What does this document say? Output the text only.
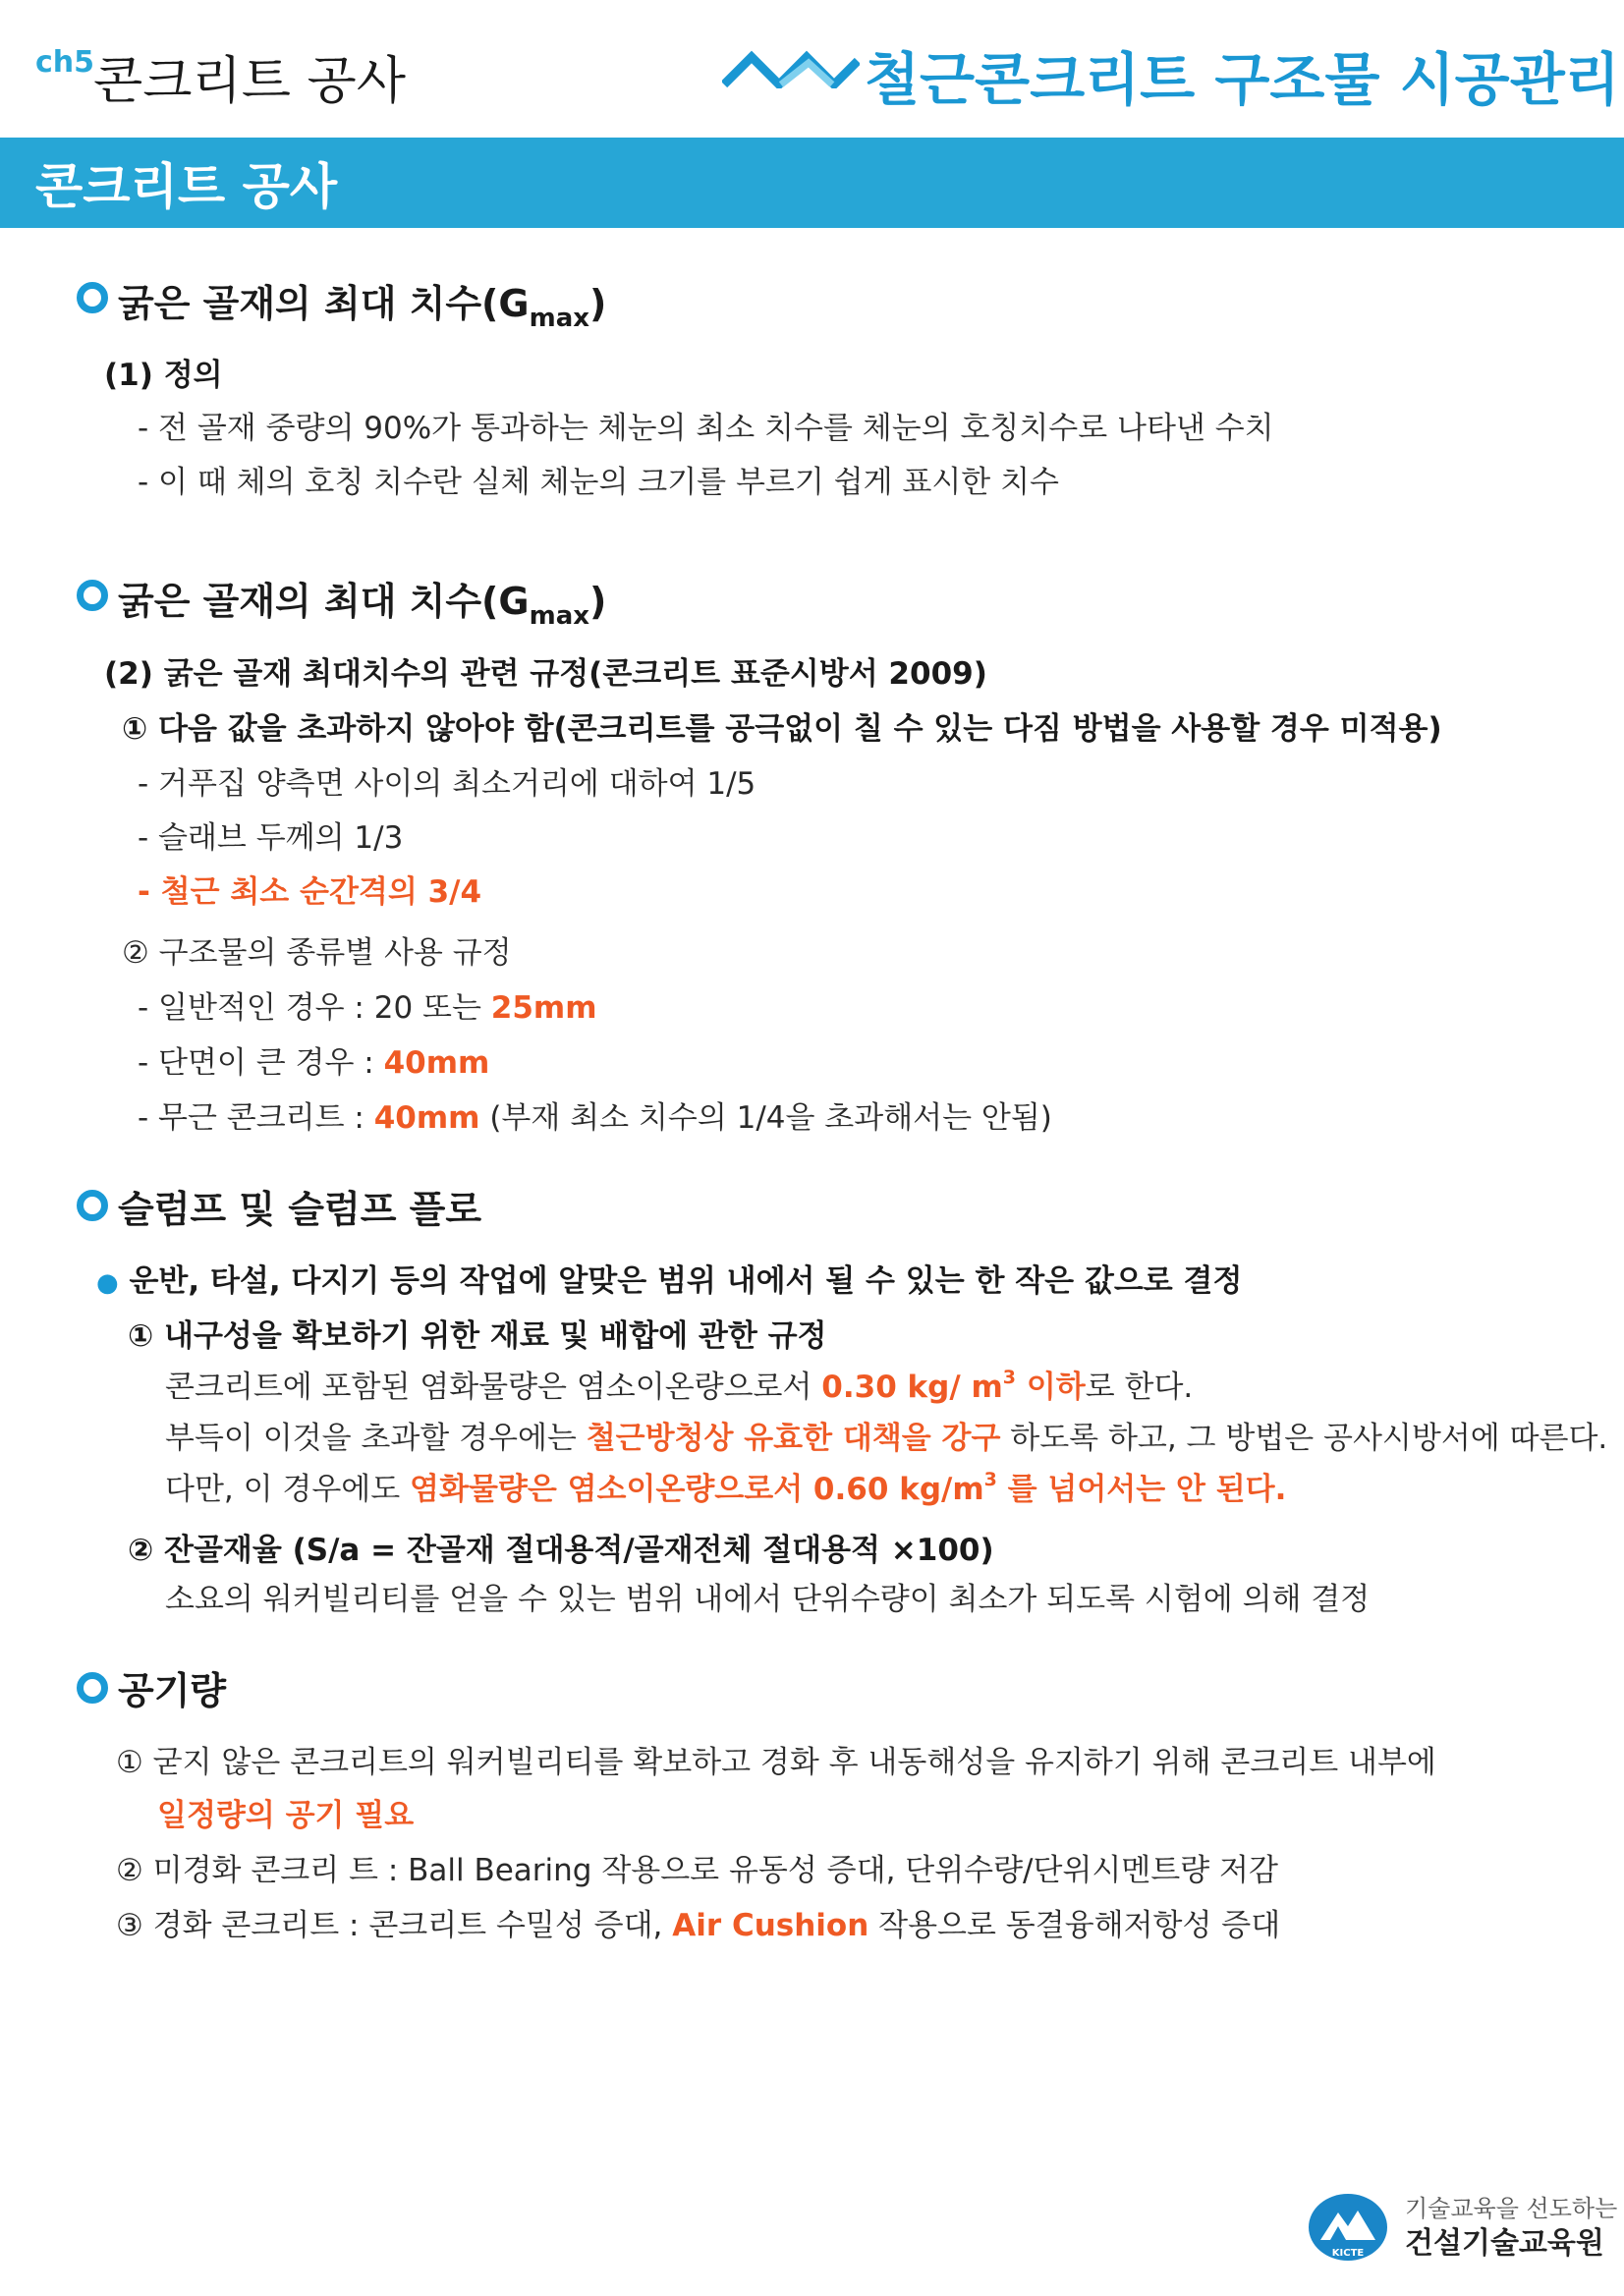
ch5
콘크리트 공사	철근콘크리트 구조물 시공관리
콘크리트 공사
굵은 골재의 최대 치수$(G_{max})$
(1) 정의
- 전 골재 중량의 90%가 통과하는 체눈의 최소 치수를 체눈의 호칭치수로 나타낸 수치
- 이 때 체의 호칭 치수란 실체 체눈의 크기를 부르기 쉽게 표시한 치수
굵은 골재의 최대 치수$(G_{max})$
(2) 굵은 골재 최대치수의 관련 규정(콘크리트 표준시방서 2009)
① 다음 값을 초과하지 않아야 함(콘크리트를 공극없이 칠 수 있는 다짐 방법을 사용할 경우 미적용)
- 거푸집 양측면 사이의 최소거리에 대하여 1/5
- 슬래브 두께의 1/3
- 철근 최소 순간격의 3/4
② 구조물의 종류별 사용 규정
- 일반적인 경우 : 20 또는 25mm
- 단면이 큰 경우 : 40mm
- 무근 콘크리트 : 40mm (부재 최소 치수의 1/4을 초과해서는 안됨)
슬럼프 및 슬럼프 플로
● 운반, 타설, 다지기 등의 작업에 알맞은 범위 내에서 될 수 있는 한 작은 값으로 결정
① 내구성을 확보하기 위한 재료 및 배합에 관한 규정
콘크리트에 포함된 염화물량은 염소이온량으로서 0.30 kg/ $m^3$ 이하로 한다.
부득이 이것을 초과할 경우에는 철근방청상 유효한 대책을 강구 하도록 하고, 그 방법은 공사시방서에 따른다.
다만, 이 경우에도 염화물량은 염소이온량으로서 0.60 $kg/m^3$ 를 넘어서는 안 된다.
② 잔골재율 (S/a = 잔골재 절대용적/골재전체 절대용적 ×100)
소요의 워커빌리티를 얻을 수 있는 범위 내에서 단위수량이 최소가 되도록 시험에 의해 결정
공기량
① 굳지 않은 콘크리트의 워커빌리티를 확보하고 경화 후 내동해성을 유지하기 위해 콘크리트 내부에
일정량의 공기 필요
② 미경화 콘크리 트 : Ball Bearing 작용으로 유동성 증대, 단위수량/단위시멘트량 저감
③ 경화 콘크리트 : 콘크리트 수밀성 증대, Air Cushion 작용으로 동결융해저항성 증대
KICTE
기술교육을 선도하는
건설기술교육원
